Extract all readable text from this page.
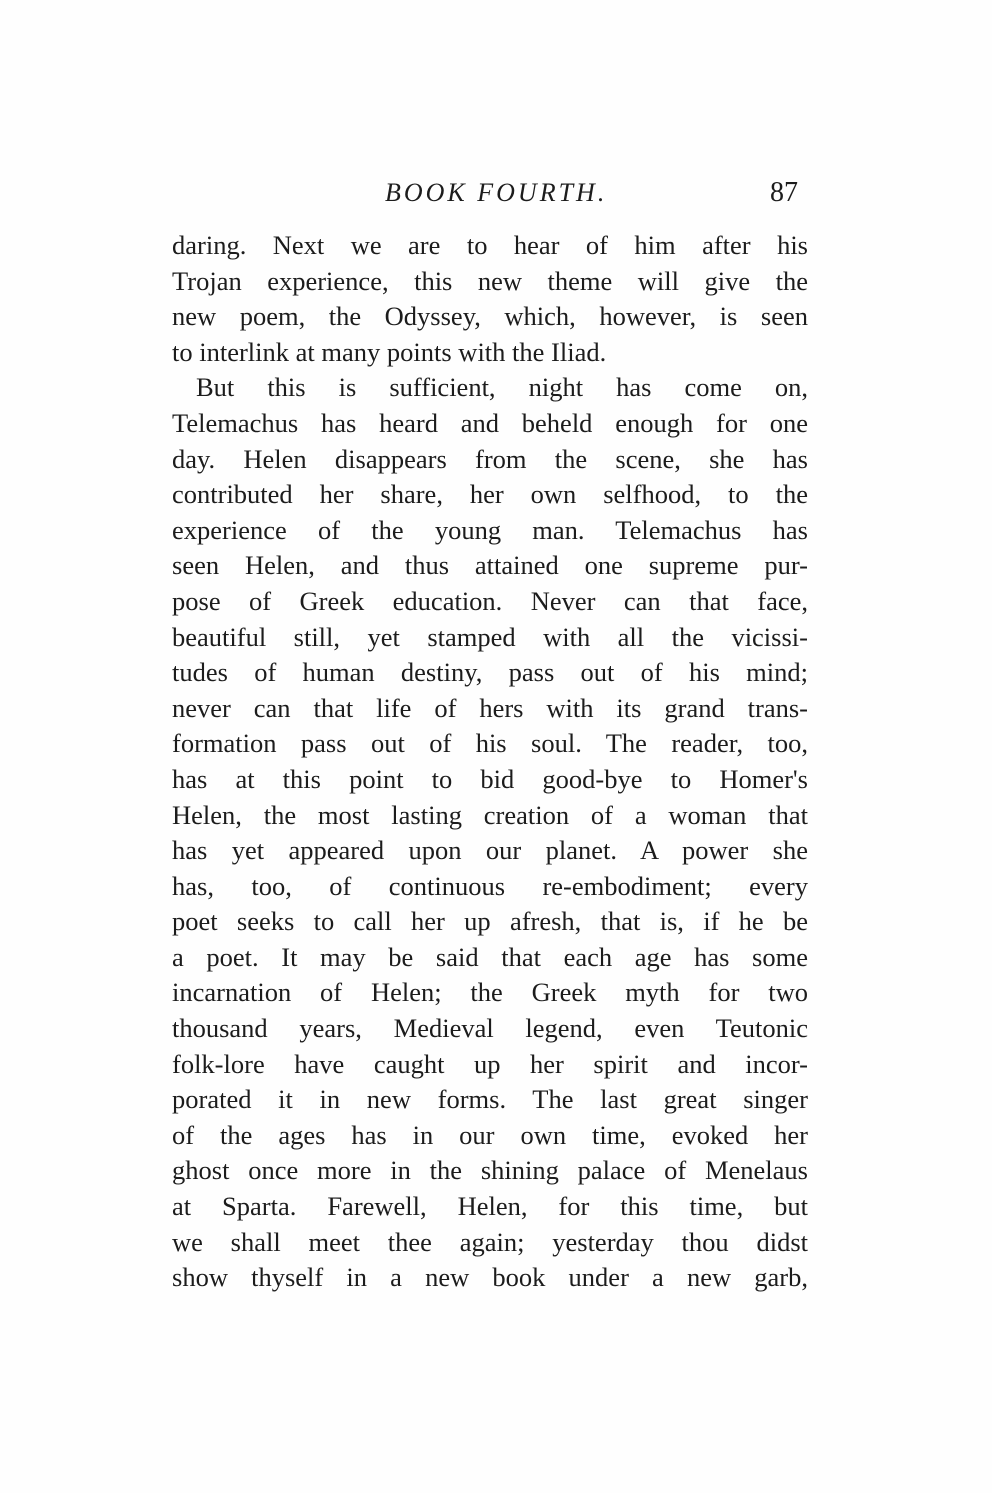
BOOK FOURTH.	87
daring. Next we are to hear of him after his
Trojan experience, this new theme will give the
new poem, the Odyssey, which, however, is seen
to interlink at many points with the Iliad.
But this is sufficient, night has come on,
Telemachus has heard and beheld enough for one
day. Helen disappears from the scene, she has
contributed her share, her own selfhood, to the
experience of the young man. Telemachus has
seen Helen, and thus attained one supreme pur-
pose of Greek education. Never can that face,
beautiful still, yet stamped with all the vicissi-
tudes of human destiny, pass out of his mind;
never can that life of hers with its grand trans-
formation pass out of his soul. The reader, too,
has at this point to bid good-bye to Homer's
Helen, the most lasting creation of a woman that
has yet appeared upon our planet. A power she
has, too, of continuous re-embodiment; every
poet seeks to call her up afresh, that is, if he be
a poet. It may be said that each age has some
incarnation of Helen; the Greek myth for two
thousand years, Medieval legend, even Teutonic
folk-lore have caught up her spirit and incor-
porated it in new forms. The last great singer
of the ages has in our own time, evoked her
ghost once more in the shining palace of Menelaus
at Sparta. Farewell, Helen, for this time, but
we shall meet thee again; yesterday thou didst
show thyself in a new book under a new garb,
